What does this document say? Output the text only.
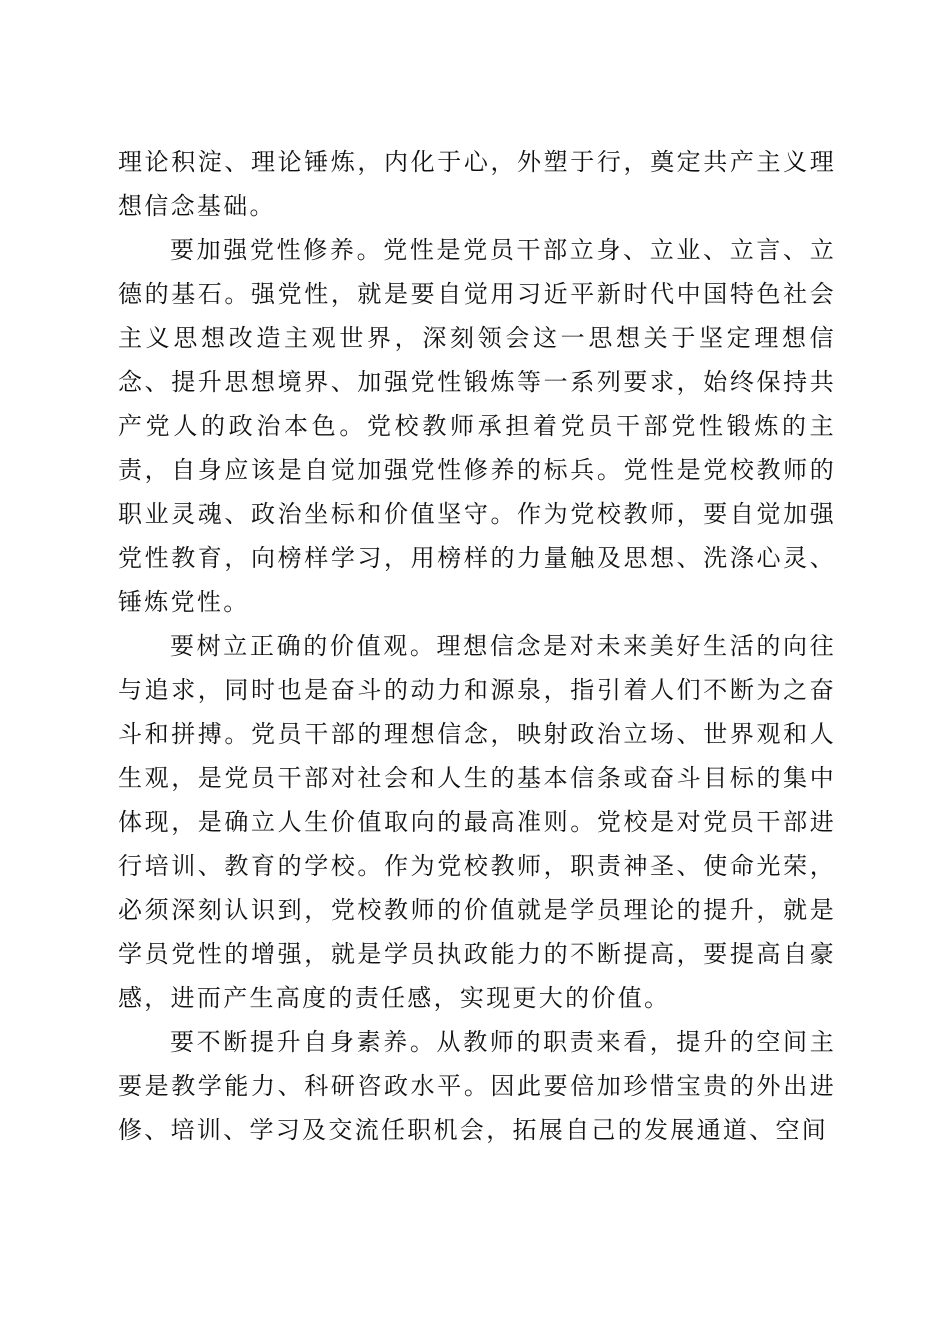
理论积淀、理论锤炼，内化于心，外塑于行，奠定共产主义理想信念基础。

要加强党性修养。党性是党员干部立身、立业、立言、立德的基石。强党性，就是要自觉用习近平新时代中国特色社会主义思想改造主观世界，深刻领会这一思想关于坚定理想信念、提升思想境界、加强党性锻炼等一系列要求，始终保持共产党人的政治本色。党校教师承担着党员干部党性锻炼的主责，自身应该是自觉加强党性修养的标兵。党性是党校教师的职业灵魂、政治坐标和价值坚守。作为党校教师，要自觉加强党性教育，向榜样学习，用榜样的力量触及思想、洗涤心灵、锤炼党性。

要树立正确的价值观。理想信念是对未来美好生活的向往与追求，同时也是奋斗的动力和源泉，指引着人们不断为之奋斗和拼搏。党员干部的理想信念，映射政治立场、世界观和人生观，是党员干部对社会和人生的基本信条或奋斗目标的集中体现，是确立人生价值取向的最高准则。党校是对党员干部进行培训、教育的学校。作为党校教师，职责神圣、使命光荣，必须深刻认识到，党校教师的价值就是学员理论的提升，就是学员党性的增强，就是学员执政能力的不断提高，要提高自豪感，进而产生高度的责任感，实现更大的价值。

要不断提升自身素养。从教师的职责来看，提升的空间主要是教学能力、科研咨政水平。因此要倍加珍惜宝贵的外出进修、培训、学习及交流任职机会，拓展自己的发展通道、空间
